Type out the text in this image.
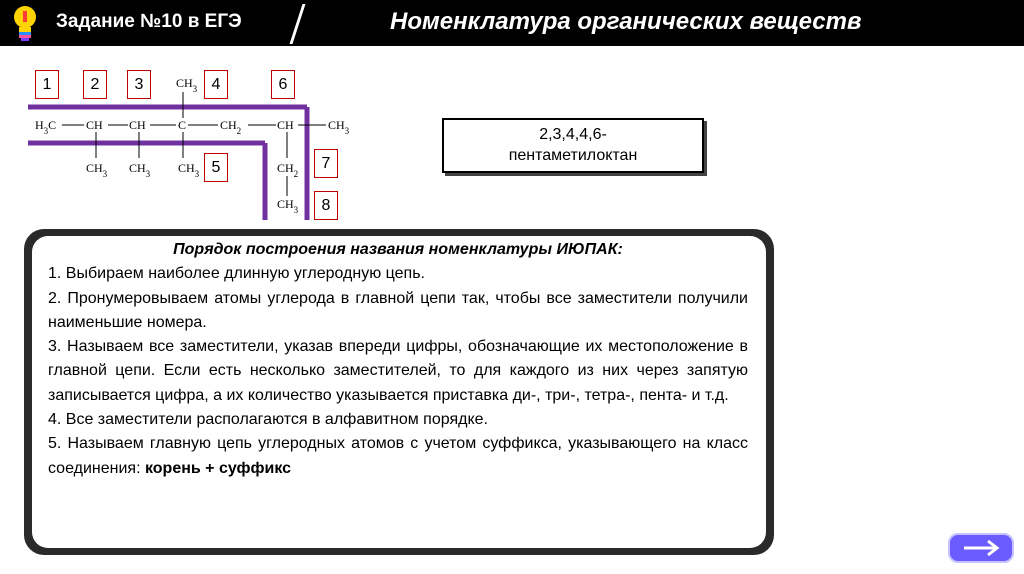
Задание №10 в ЕГЭ	Номенклатура органических веществ
$H_3C$ CH CH	C	$CH_2$	CH	$CH_3$
$CH_3$
$CH_3$ $CH_3$ $CH_3$	$CH_2$
$CH_3$
1	2	3	4
5
6
7
8
2,3,4,4,6-
пентаметилоктан
Порядок построения названия номенклатуры ИЮПАК:
1. Выбираем наиболее длинную углеродную цепь.
2. Пронумеровываем атомы углерода в главной цепи так, чтобы все заместители получили наименьшие номера.
3. Называем все заместители, указав впереди цифры, обозначающие их местоположение в главной цепи. Если есть несколько заместителей, то для каждого из них через запятую записывается цифра, а их количество указывается приставка ди-, три-, тетра-, пента- и т.д.
4. Все заместители располагаются в алфавитном порядке.
5. Называем главную цепь углеродных атомов с учетом суффикса, указывающего на класс соединения: корень + суффикс
